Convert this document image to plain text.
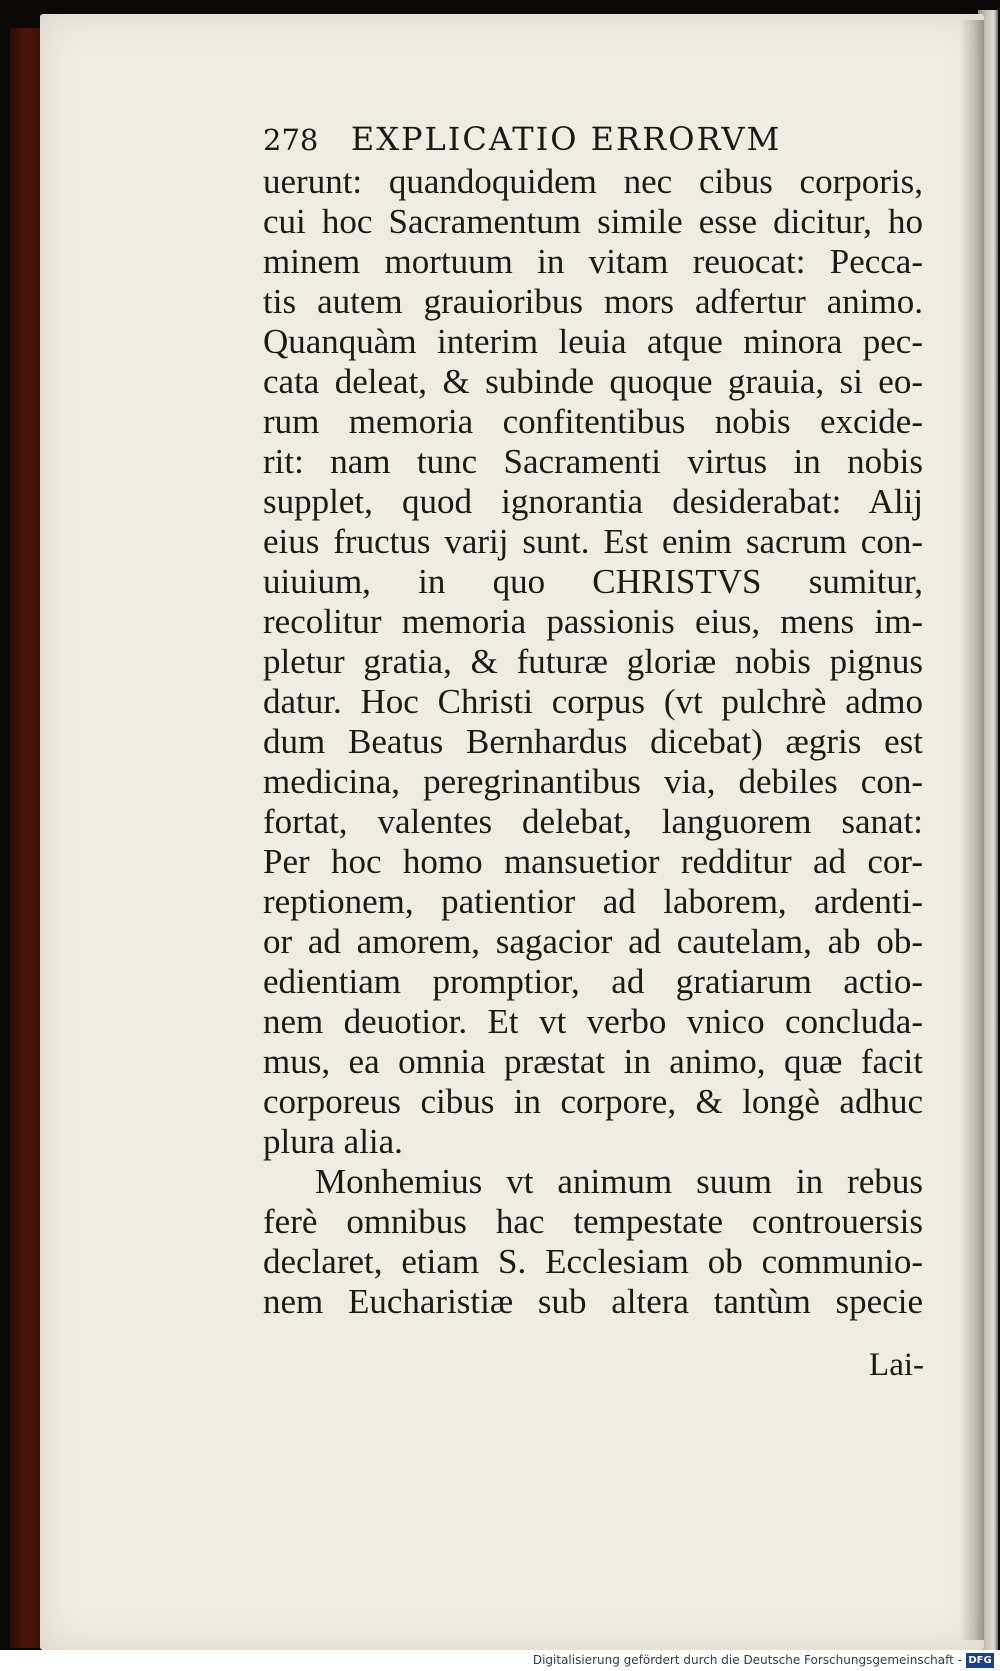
278 EXPLICATIO ERRORVM
uerunt: quandoquidem nec cibus corporis,
cui hoc Sacramentum simile esse dicitur, ho
minem mortuum in vitam reuocat: Pecca-
tis autem grauioribus mors adfertur animo.
Quanquàm interim leuia atque minora pec-
cata deleat, & subinde quoque grauia, si eo-
rum memoria confitentibus nobis excide-
rit: nam tunc Sacramenti virtus in nobis
supplet, quod ignorantia desiderabat: Alij
eius fructus varij sunt. Est enim sacrum con-
uiuium, in quo CHRISTVS sumitur,
recolitur memoria passionis eius, mens im-
pletur gratia, & futuræ gloriæ nobis pignus
datur. Hoc Christi corpus (vt pulchrè admo
dum Beatus Bernhardus dicebat) ægris est
medicina, peregrinantibus via, debiles con-
fortat, valentes delebat, languorem sanat:
Per hoc homo mansuetior redditur ad cor-
reptionem, patientior ad laborem, ardenti-
or ad amorem, sagacior ad cautelam, ab ob-
edientiam promptior, ad gratiarum actio-
nem deuotior. Et vt verbo vnico concluda-
mus, ea omnia præstat in animo, quæ facit
corporeus cibus in corpore, & longè adhuc
plura alia.
Monhemius vt animum suum in rebus
ferè omnibus hac tempestate controuersis
declaret, etiam S. Ecclesiam ob communio-
nem Eucharistiæ sub altera tantùm specie
Lai-
Digitalisierung gefördert durch die Deutsche Forschungsgemeinschaft - DFG
